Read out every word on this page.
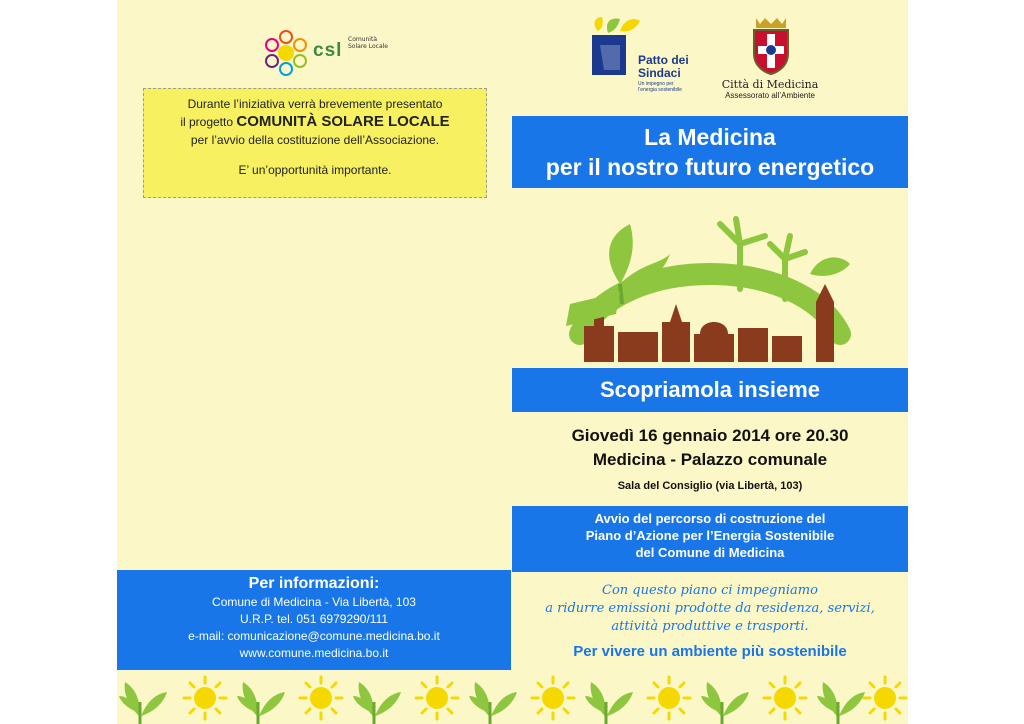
csl
Comunità Solare Locale
Durante l’iniziativa verrà brevemente presentato
il progetto COMUNITÀ SOLARE LOCALE
per l’avvio della costituzione dell’Associazione.
E’ un’opportunità importante.
Per informazioni:
Comune di Medicina - Via Libertà, 103
U.R.P. tel. 051 6979290/111
e-mail: comunicazione@comune.medicina.bo.it
www.comune.medicina.bo.it
Patto dei
Sindaci
Un impegno per
l’energia sostenibile	Città di Medicina
Assessorato all’Ambiente
La Medicina
per il nostro futuro energetico
Scopriamola insieme
Giovedì 16 gennaio 2014 ore 20.30
Medicina - Palazzo comunale
Sala del Consiglio (via Libertà, 103)
Avvio del percorso di costruzione del
Piano d’Azione per l’Energia Sostenibile
del Comune di Medicina
Con questo piano ci impegniamo
a ridurre emissioni prodotte da residenza, servizi,
attività produttive e trasporti.
Per vivere un ambiente più sostenibile
